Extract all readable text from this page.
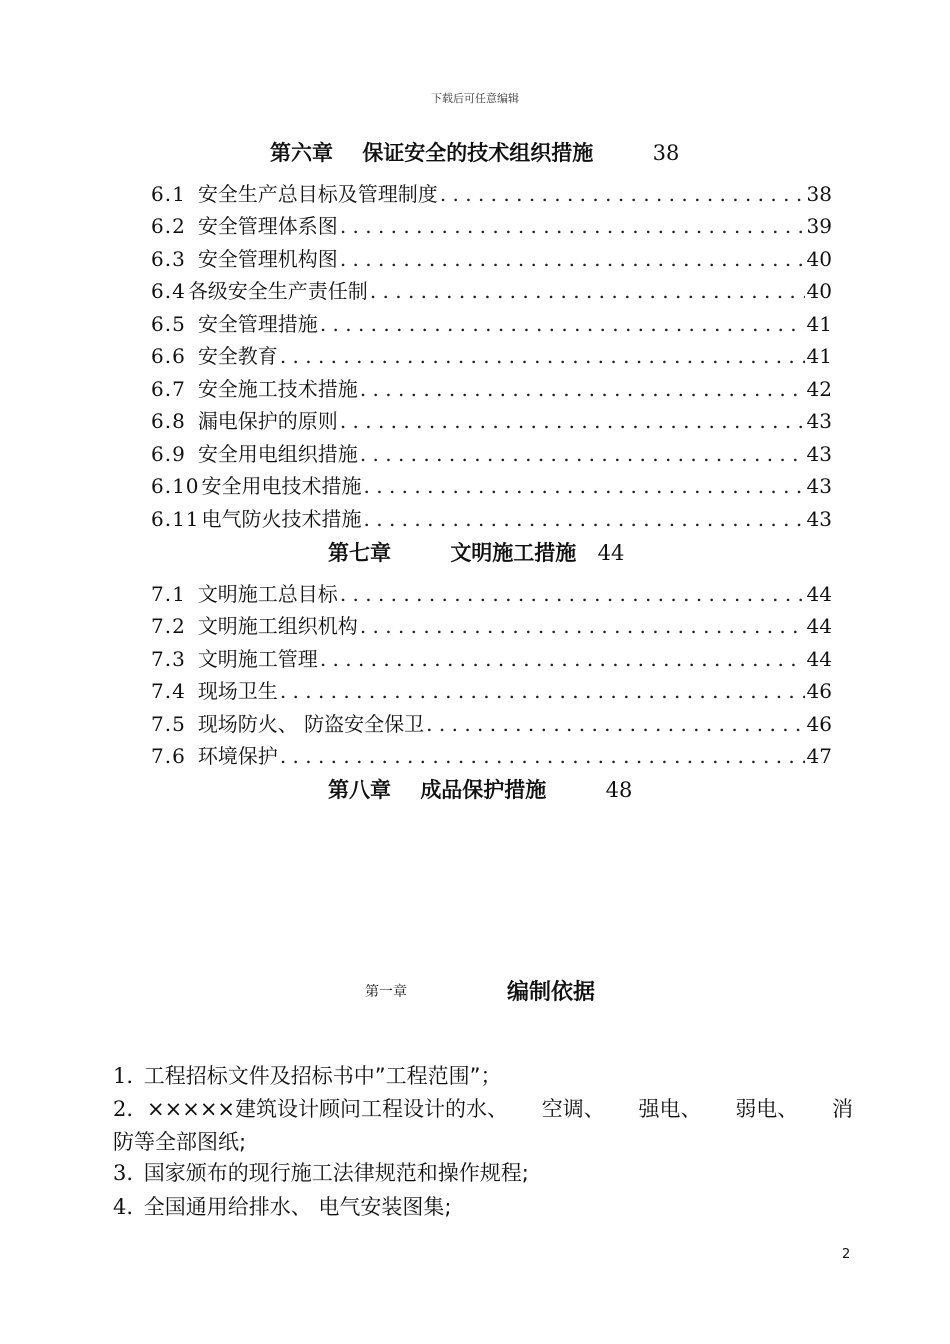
下载后可任意编辑
第六章 保证安全的技术组织措施	38
6.1 安全生产总目标及管理制度 . . .	38
6.2 安全管理体系图 . . .	39
6.3 安全管理机构图 . . .	40
6.4 各级安全生产责任制 . . .	40
6.5 安全管理措施 . . .	41
6.6 安全教育 . . .	41
6.7 安全施工技术措施 . . .	42
6.8 漏电保护的原则 . . .	43
6.9 安全用电组织措施 . . .	43
6.10 安全用电技术措施 . . .	43
6.11 电气防火技术措施 . . .	43
第七章	文明施工措施 44
7.1 文明施工总目标 . . .	44
7.2 文明施工组织机构 . . .	44
7.3 文明施工管理 . . .	44
7.4 现场卫生 . . .	46
7.5 现场防火、 防盗安全保卫 . . .	46
7.6 环境保护 . . .	47
第八章 成品保护措施	48
第一章	编制依据
1. 工程招标文件及招标书中”工程范围”；
2. ×××××建筑设计顾问工程设计的水、 空调、 强电、 弱电、 消
防等全部图纸;
3. 国家颁布的现行施工法律规范和操作规程;
4. 全国通用给排水、 电气安装图集;
2
